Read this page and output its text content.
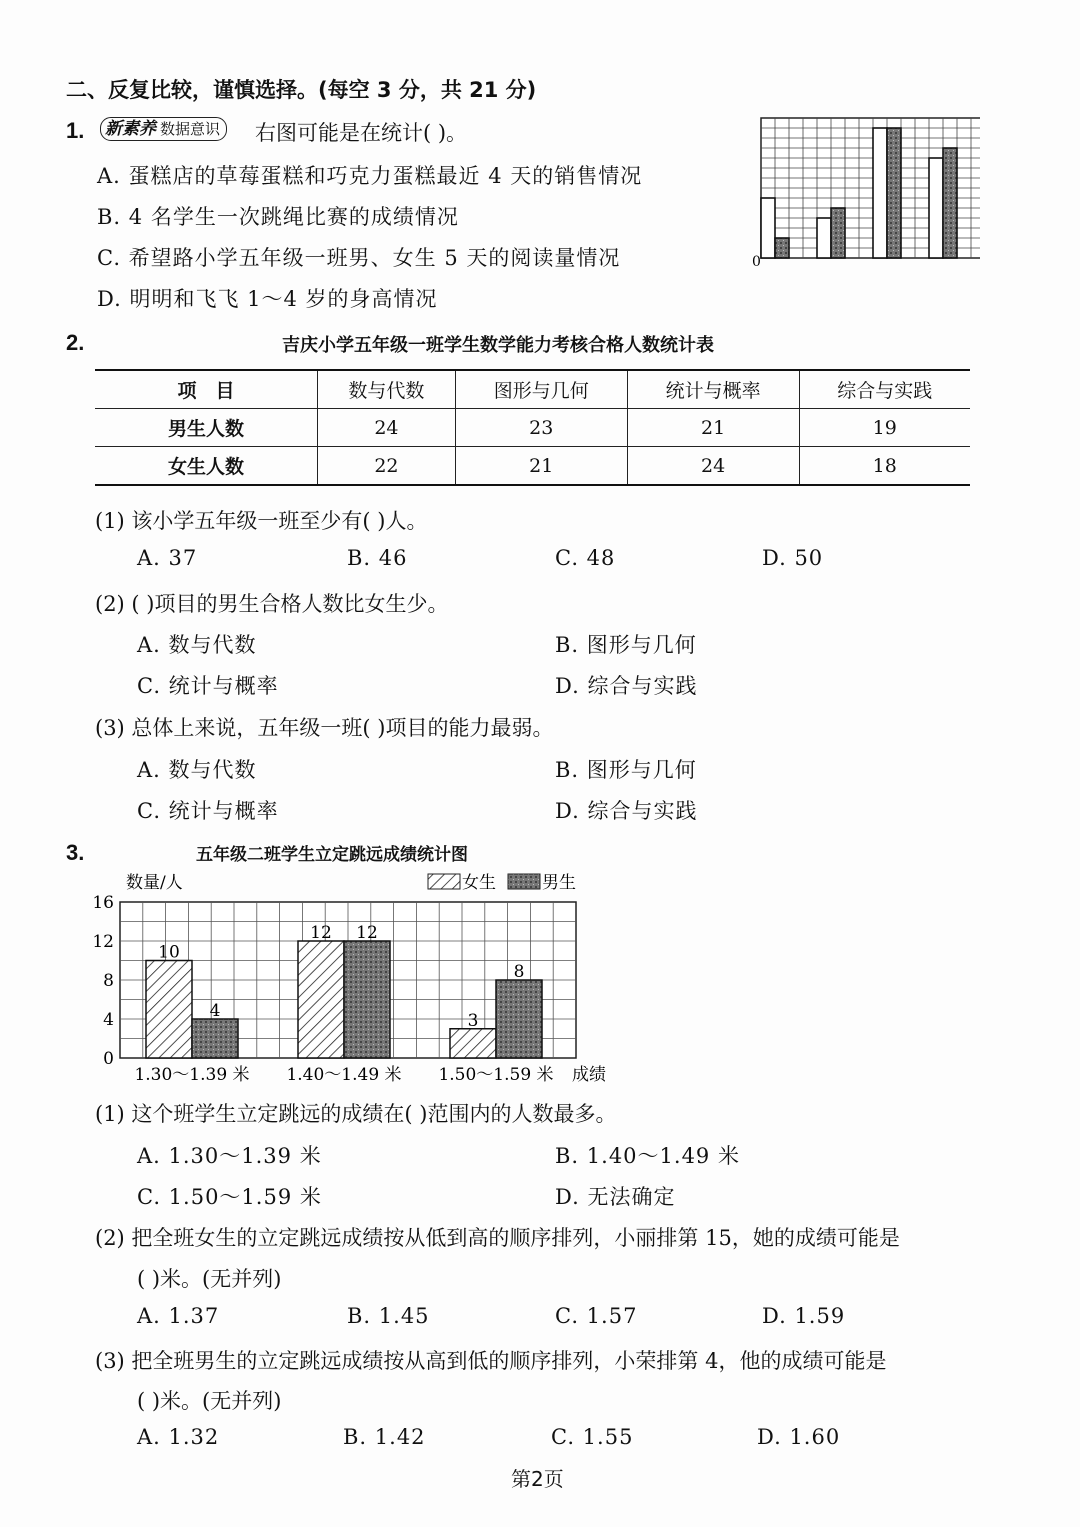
二、反复比较，谨慎选择。(每空 3 分，共 21 分)
1. 新素养 数据意识	右图可能是在统计( )。
A. 蛋糕店的草莓蛋糕和巧克力蛋糕最近 4 天的销售情况
B. 4 名学生一次跳绳比赛的成绩情况
C. 希望路小学五年级一班男、女生 5 天的阅读量情况
D. 明明和飞飞 1～4 岁的身高情况
0
2.	吉庆小学五年级一班学生数学能力考核合格人数统计表
项　目	数与代数	图形与几何	统计与概率	综合与实践
男生人数	24	23	21	19
女生人数	22	21	24	18
(1) 该小学五年级一班至少有( )人。
A. 37	B. 46	C. 48	D. 50
(2) ( )项目的男生合格人数比女生少。
A. 数与代数	B. 图形与几何
C. 统计与概率	D. 综合与实践
(3) 总体上来说，五年级一班( )项目的能力最弱。
A. 数与代数	B. 图形与几何
C. 统计与概率	D. 综合与实践
3.	五年级二班学生立定跳远成绩统计图
数量/人	女生	男生
0
4
8
12
16
10
4
1.30～1.39 米
12 12
1.40～1.49 米
3
8
1.50～1.59 米 成绩
(1) 这个班学生立定跳远的成绩在( )范围内的人数最多。
A. 1.30～1.39 米	B. 1.40～1.49 米
C. 1.50～1.59 米	D. 无法确定
(2) 把全班女生的立定跳远成绩按从低到高的顺序排列，小丽排第 15，她的成绩可能是
( )米。(无并列)
A. 1.37	B. 1.45	C. 1.57	D. 1.59
(3) 把全班男生的立定跳远成绩按从高到低的顺序排列，小荣排第 4，他的成绩可能是
( )米。(无并列)
A. 1.32	B. 1.42	C. 1.55	D. 1.60
第2页
